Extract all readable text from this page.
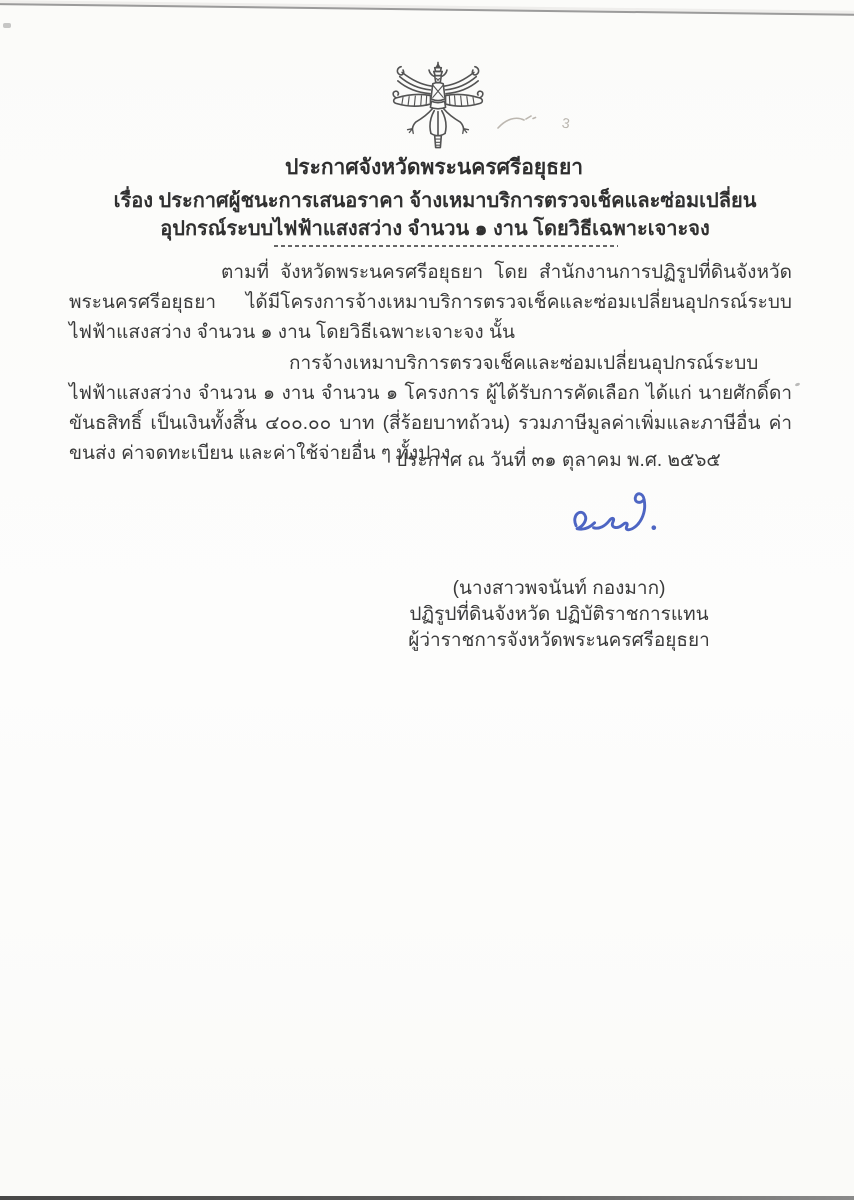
3
ประกาศจังหวัดพระนครศรีอยุธยา
เรื่อง ประกาศผู้ชนะการเสนอราคา จ้างเหมาบริการตรวจเช็คและซ่อมเปลี่ยน
อุปกรณ์ระบบไฟฟ้าแสงสว่าง จำนวน ๑ งาน โดยวิธีเฉพาะเจาะจง

ตามที่ จังหวัดพระนครศรีอยุธยา โดย สำนักงานการปฏิรูปที่ดินจังหวัดพระนครศรีอยุธยา ได้มีโครงการจ้างเหมาบริการตรวจเช็คและซ่อมเปลี่ยนอุปกรณ์ระบบไฟฟ้าแสงสว่าง จำนวน ๑ งาน โดยวิธีเฉพาะเจาะจง นั้น

การจ้างเหมาบริการตรวจเช็คและซ่อมเปลี่ยนอุปกรณ์ระบบไฟฟ้าแสงสว่าง จำนวน ๑ งาน จำนวน ๑ โครงการ ผู้ได้รับการคัดเลือก ได้แก่ นายศักดิ์ดา ขันธสิทธิ์ เป็นเงินทั้งสิ้น ๔๐๐.๐๐ บาท (สี่ร้อยบาทถ้วน) รวมภาษีมูลค่าเพิ่มและภาษีอื่น ค่าขนส่ง ค่าจดทะเบียน และค่าใช้จ่ายอื่น ๆ ทั้งปวง

ประกาศ ณ วันที่ ๓๑ ตุลาคม พ.ศ. ๒๕๖๕
(นางสาวพจนันท์ กองมาก)
ปฏิรูปที่ดินจังหวัด ปฏิบัติราชการแทน
ผู้ว่าราชการจังหวัดพระนครศรีอยุธยา
